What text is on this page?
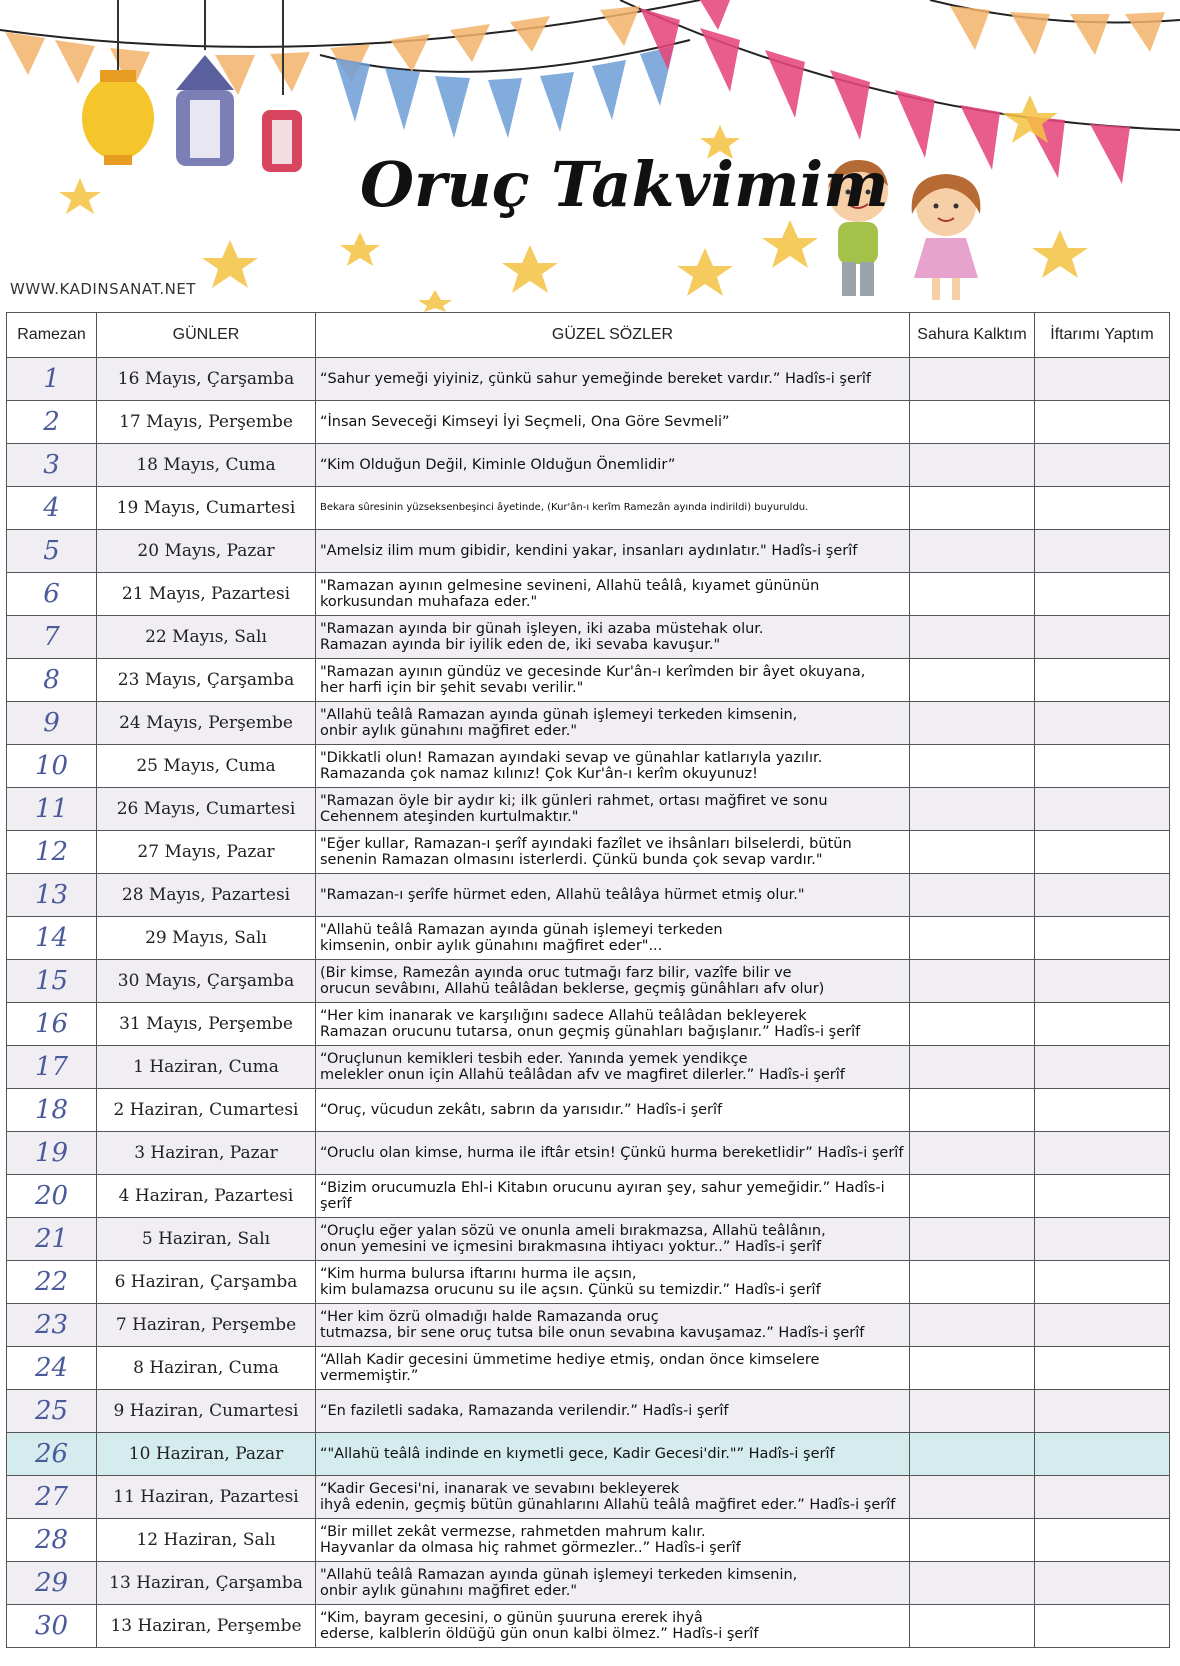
Oruç Takvimim
WWW.KADINSANAT.NET
Ramezan	GÜNLER	GÜZEL SÖZLER	Sahura Kalktım	İftarımı Yaptım
1	16 Mayıs, Çarşamba	“Sahur yemeği yiyiniz, çünkü sahur yemeğinde bereket vardır.” Hadîs-i şerîf		
2	17 Mayıs, Perşembe	“İnsan Seveceği Kimseyi İyi Seçmeli, Ona Göre Sevmeli”		
3	18 Mayıs, Cuma	“Kim Olduğun Değil, Kiminle Olduğun Önemlidir”		
4	19 Mayıs, Cumartesi	Bekara sûresinin yüzseksenbeşinci âyetinde, (Kur'ân-ı kerîm Ramezân ayında indirildi) buyuruldu.		
5	20 Mayıs, Pazar	"Amelsiz ilim mum gibidir, kendini yakar, insanları aydınlatır." Hadîs-i şerîf		
6	21 Mayıs, Pazartesi	"Ramazan ayının gelmesine sevineni, Allahü teâlâ, kıyamet gününün
korkusundan muhafaza eder."		
7	22 Mayıs, Salı	"Ramazan ayında bir günah işleyen, iki azaba müstehak olur.
Ramazan ayında bir iyilik eden de, iki sevaba kavuşur."		
8	23 Mayıs, Çarşamba	"Ramazan ayının gündüz ve gecesinde Kur'ân-ı kerîmden bir âyet okuyana,
her harfi için bir şehit sevabı verilir."		
9	24 Mayıs, Perşembe	"Allahü teâlâ Ramazan ayında günah işlemeyi terkeden kimsenin,
onbir aylık günahını mağfiret eder."		
10	25 Mayıs, Cuma	"Dikkatli olun! Ramazan ayındaki sevap ve günahlar katlarıyla yazılır.
Ramazanda çok namaz kılınız! Çok Kur'ân-ı kerîm okuyunuz!		
11	26 Mayıs, Cumartesi	"Ramazan öyle bir aydır ki; ilk günleri rahmet, ortası mağfiret ve sonu
Cehennem ateşinden kurtulmaktır."		
12	27 Mayıs, Pazar	"Eğer kullar, Ramazan-ı şerîf ayındaki fazîlet ve ihsânları bilselerdi, bütün
senenin Ramazan olmasını isterlerdi. Çünkü bunda çok sevap vardır."		
13	28 Mayıs, Pazartesi	"Ramazan-ı şerîfe hürmet eden, Allahü teâlâya hürmet etmiş olur."		
14	29 Mayıs, Salı	"Allahü teâlâ Ramazan ayında günah işlemeyi terkeden
kimsenin, onbir aylık günahını mağfiret eder"...		
15	30 Mayıs, Çarşamba	(Bir kimse, Ramezân ayında oruc tutmağı farz bilir, vazîfe bilir ve
orucun sevâbını, Allahü teâlâdan beklerse, geçmiş günâhları afv olur)		
16	31 Mayıs, Perşembe	“Her kim inanarak ve karşılığını sadece Allahü teâlâdan bekleyerek
Ramazan orucunu tutarsa, onun geçmiş günahları bağışlanır.” Hadîs-i şerîf		
17	1 Haziran, Cuma	“Oruçlunun kemikleri tesbih eder. Yanında yemek yendikçe
melekler onun için Allahü teâlâdan afv ve magfiret dilerler.” Hadîs-i şerîf		
18	2 Haziran, Cumartesi	“Oruç, vücudun zekâtı, sabrın da yarısıdır.” Hadîs-i şerîf		
19	3 Haziran, Pazar	“Oruclu olan kimse, hurma ile iftâr etsin! Çünkü hurma bereketlidir” Hadîs-i şerîf		
20	4 Haziran, Pazartesi	“Bizim orucumuzla Ehl-i Kitabın orucunu ayıran şey, sahur yemeğidir.” Hadîs-i şerîf		
21	5 Haziran, Salı	“Oruçlu eğer yalan sözü ve onunla ameli bırakmazsa, Allahü teâlânın,
onun yemesini ve içmesini bırakmasına ihtiyacı yoktur..” Hadîs-i şerîf		
22	6 Haziran, Çarşamba	“Kim hurma bulursa iftarını hurma ile açsın,
kim bulamazsa orucunu su ile açsın. Çünkü su temizdir.” Hadîs-i şerîf		
23	7 Haziran, Perşembe	“Her kim özrü olmadığı halde Ramazanda oruç
tutmazsa, bir sene oruç tutsa bile onun sevabına kavuşamaz.” Hadîs-i şerîf		
24	8 Haziran, Cuma	“Allah Kadir gecesini ümmetime hediye etmiş, ondan önce kimselere vermemiştir.”		
25	9 Haziran, Cumartesi	“En faziletli sadaka, Ramazanda verilendir.” Hadîs-i şerîf		
26	10 Haziran, Pazar	“"Allahü teâlâ indinde en kıymetli gece, Kadir Gecesi'dir."” Hadîs-i şerîf		
27	11 Haziran, Pazartesi	“Kadir Gecesi'ni, inanarak ve sevabını bekleyerek
ihyâ edenin, geçmiş bütün günahlarını Allahü teâlâ mağfiret eder.” Hadîs-i şerîf		
28	12 Haziran, Salı	“Bir millet zekât vermezse, rahmetden mahrum kalır.
Hayvanlar da olmasa hiç rahmet görmezler..” Hadîs-i şerîf		
29	13 Haziran, Çarşamba	"Allahü teâlâ Ramazan ayında günah işlemeyi terkeden kimsenin,
onbir aylık günahını mağfiret eder."		
30	13 Haziran, Perşembe	“Kim, bayram gecesini, o günün şuuruna ererek ihyâ
ederse, kalblerin öldüğü gün onun kalbi ölmez.” Hadîs-i şerîf		
